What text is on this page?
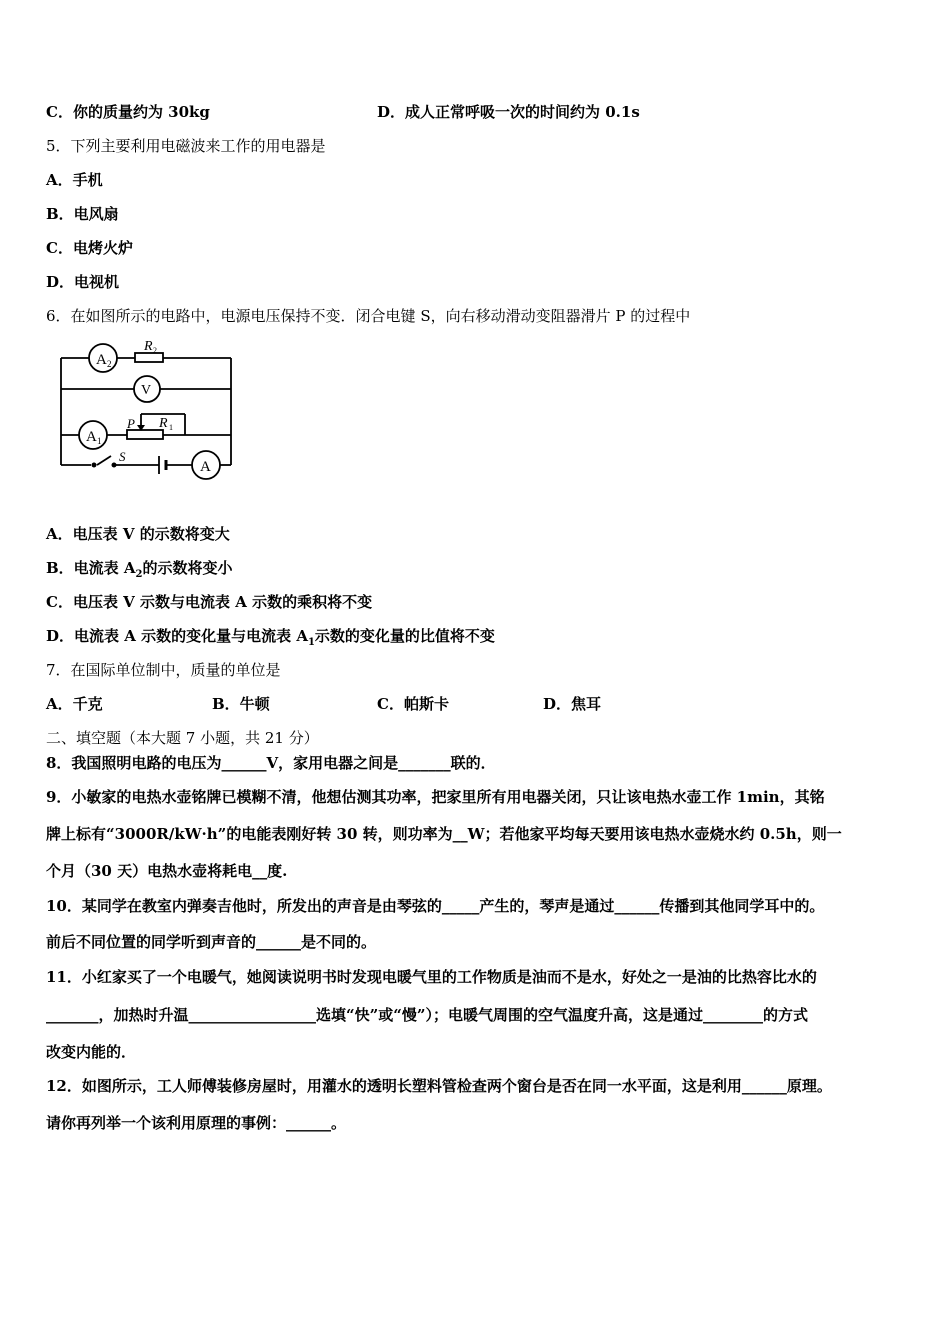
C．你的质量约为 30kg	D．成人正常呼吸一次的时间约为 0.1s
5．下列主要利用电磁波来工作的用电器是
A．手机
B．电风扇
C．电烤火炉
D．电视机
6．在如图所示的电路中，电源电压保持不变．闭合电键 S，向右移动滑动变阻器滑片 P 的过程中
A 2
R 2
V
A 1
P R 1
S
A
A．电压表 V 的示数将变大
B．电流表 $A_2$的示数将变小
C．电压表 V 示数与电流表 A 示数的乘积将不变
D．电流表 A 示数的变化量与电流表 $A_1$示数的变化量的比值将不变
7．在国际单位制中，质量的单位是
A．千克	B．牛顿	C．帕斯卡	D．焦耳
二、填空题（本大题 7 小题，共 21 分）
8．我国照明电路的电压为______V，家用电器之间是_______联的．
9．小敏家的电热水壶铭牌已模糊不清，他想估测其功率，把家里所有用电器关闭，只让该电热水壶工作 1min，其铭
牌上标有“3000R/kW·h”的电能表刚好转 30 转，则功率为__W；若他家平均每天要用该电热水壶烧水约 0.5h，则一
个月（30 天）电热水壶将耗电__度.
10．某同学在教室内弹奏吉他时，所发出的声音是由琴弦的_____产生的，琴声是通过______传播到其他同学耳中的。
前后不同位置的同学听到声音的______是不同的。
11．小红家买了一个电暖气，她阅读说明书时发现电暖气里的工作物质是油而不是水，好处之一是油的比热容比水的
_______，加热时升温_________________选填“快”或“慢”）；电暖气周围的空气温度升高，这是通过________的方式
改变内能的．
12．如图所示，工人师傅装修房屋时，用灌水的透明长塑料管检查两个窗台是否在同一水平面，这是利用______原理。
请你再列举一个该利用原理的事例：______。
